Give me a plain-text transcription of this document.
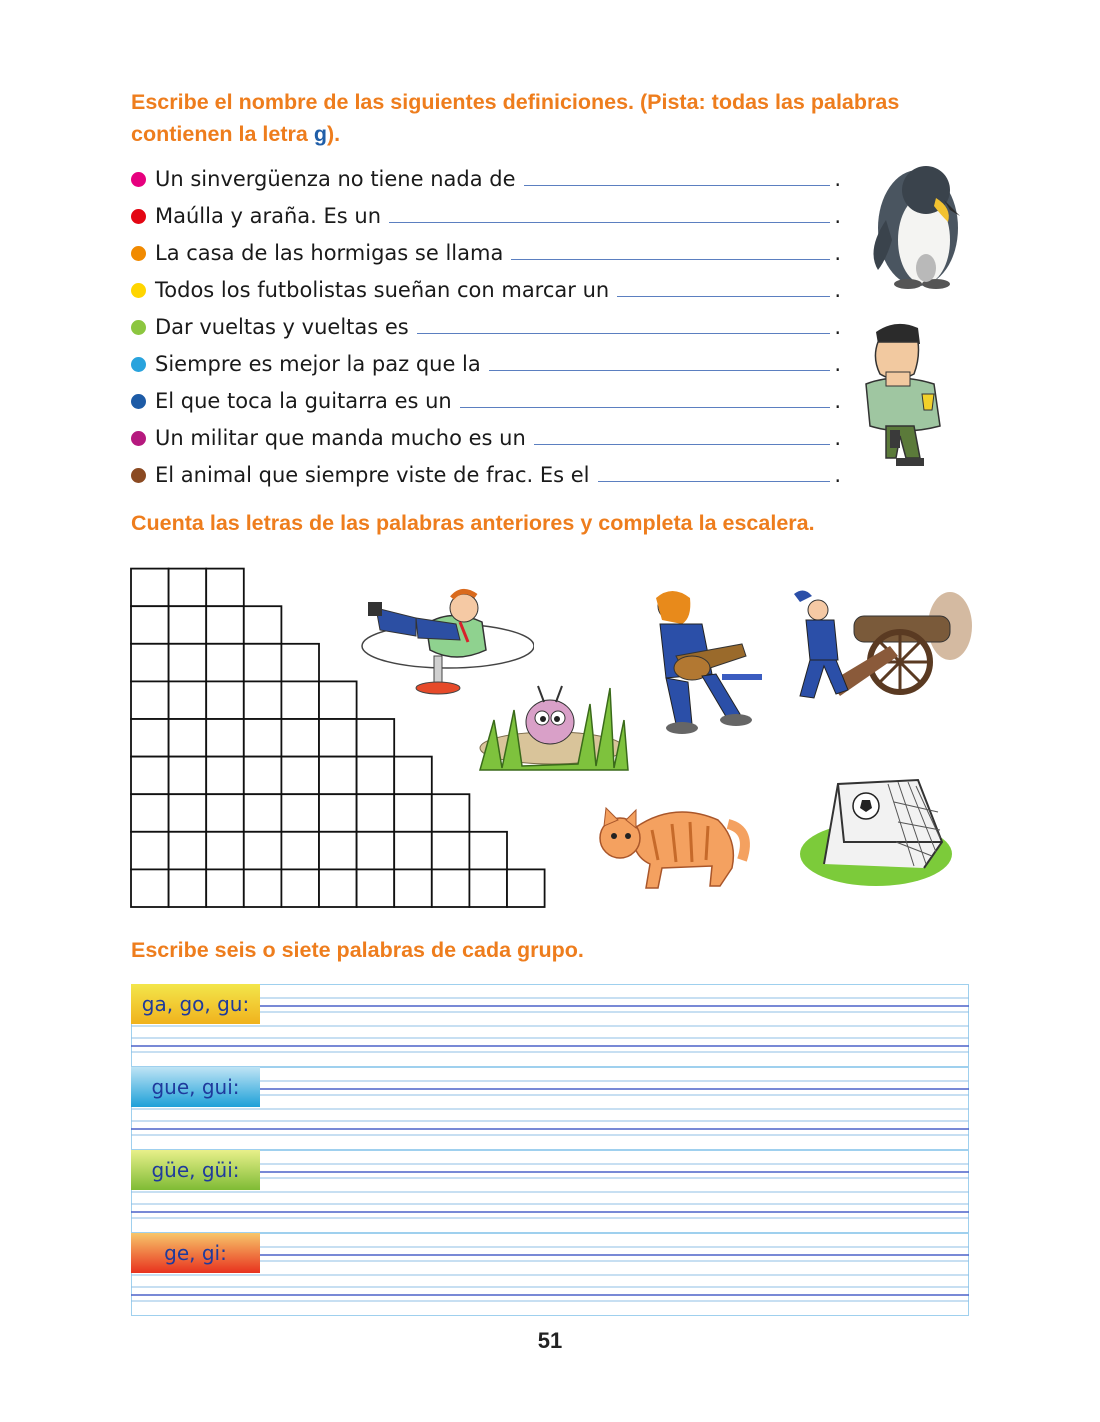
Escribe el nombre de las siguientes definiciones. (Pista: todas las palabras contienen la letra g).
Un sinvergüenza no tiene nada de	.
Maúlla y araña. Es un	.
La casa de las hormigas se llama	.
Todos los futbolistas sueñan con marcar un	.
Dar vueltas y vueltas es	.
Siempre es mejor la paz que la	.
El que toca la guitarra es un	.
Un militar que manda mucho es un	.
El animal que siempre viste de frac. Es el	.
Cuenta las letras de las palabras anteriores y completa la escalera.
Escribe seis o siete palabras de cada grupo.
ga, go, gu:
gue, gui:
güe, güi:
ge, gi:
51
